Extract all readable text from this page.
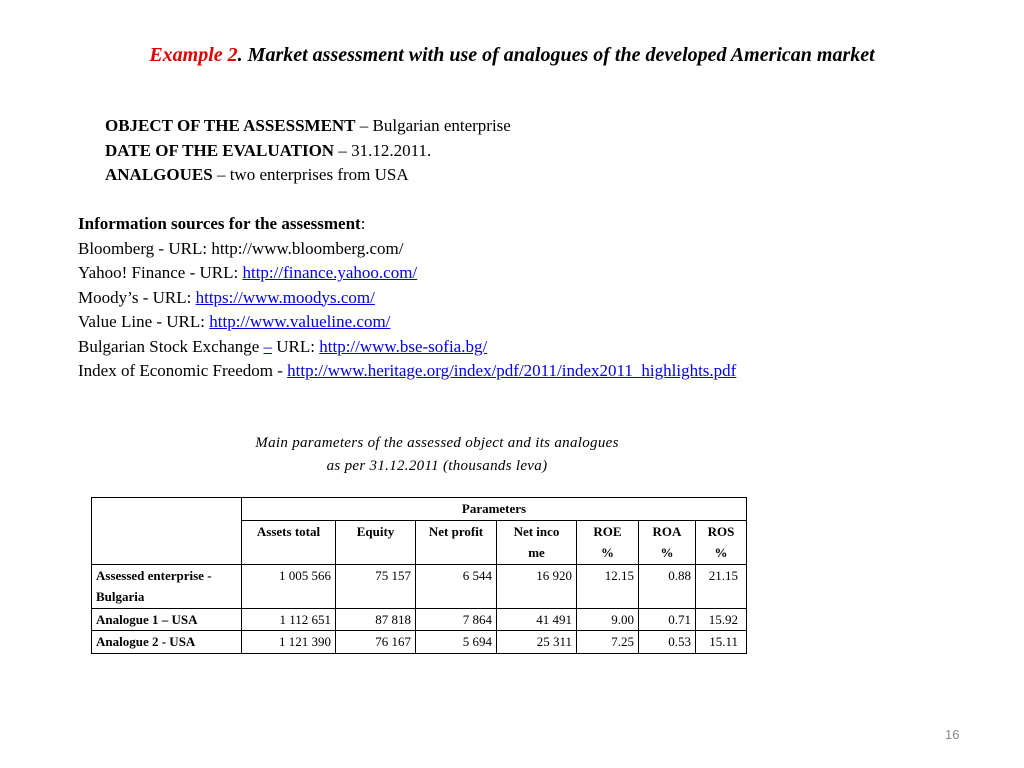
Example 2. Market assessment with use of analogues of the developed American market
OBJECT OF THE ASSESSMENT – Bulgarian enterprise
DATE OF THE EVALUATION – 31.12.2011.
ANALGOUES – two enterprises from USA
Information sources for the assessment:
Bloomberg - URL: http://www.bloomberg.com/
Yahoo! Finance - URL: http://finance.yahoo.com/
Moody’s - URL: https://www.moodys.com/
Value Line - URL: http://www.valueline.com/
Bulgarian Stock Exchange – URL: http://www.bse-sofia.bg/
Index of Economic Freedom - http://www.heritage.org/index/pdf/2011/index2011_highlights.pdf
Main parameters of the assessed object and its analogues
as per 31.12.2011 (thousands leva)
	Parameters						
	Assets total	Equity	Net profit	Net income	ROE %	ROA %	ROS %
Assessed enterprise - Bulgaria	1 005 566	75 157	6 544	16 920	12.15	0.88	21.15
Analogue 1 – USA	1 112 651	87 818	7 864	41 491	9.00	0.71	15.92
Analogue 2 - USA	1 121 390	76 167	5 694	25 311	7.25	0.53	15.11
16
